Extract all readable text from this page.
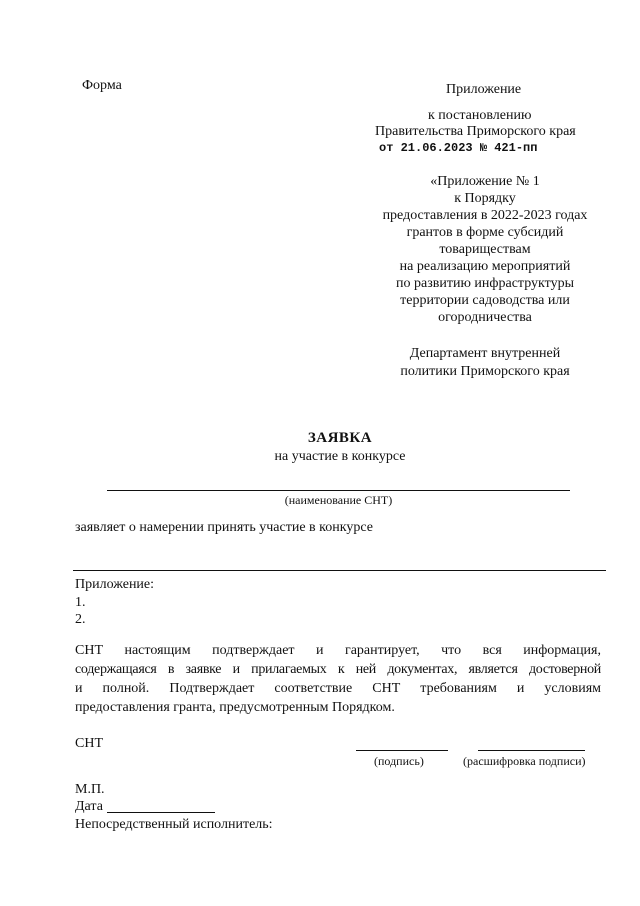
Форма	Приложение
к постановлению
Правительства Приморского края
от 21.06.2023 № 421-пп
«Приложение № 1
к Порядку
предоставления в 2022-2023 годах
грантов в форме субсидий
товариществам
на реализацию мероприятий
по развитию инфраструктуры
территории садоводства или
огородничества
Департамент внутренней
политики Приморского края
ЗАЯВКА
на участие в конкурсе
(наименование СНТ)
заявляет о намерении принять участие в конкурсе
Приложение:
1.
2.
СНТ настоящим подтверждает и гарантирует, что вся информация,
содержащаяся в заявке и прилагаемых к ней документах, является достоверной
и полной. Подтверждает соответствие СНТ требованиям и условиям
предоставления гранта, предусмотренным Порядком.
СНТ
(подпись)	(расшифровка подписи)
М.П.
Дата
Непосредственный исполнитель:
